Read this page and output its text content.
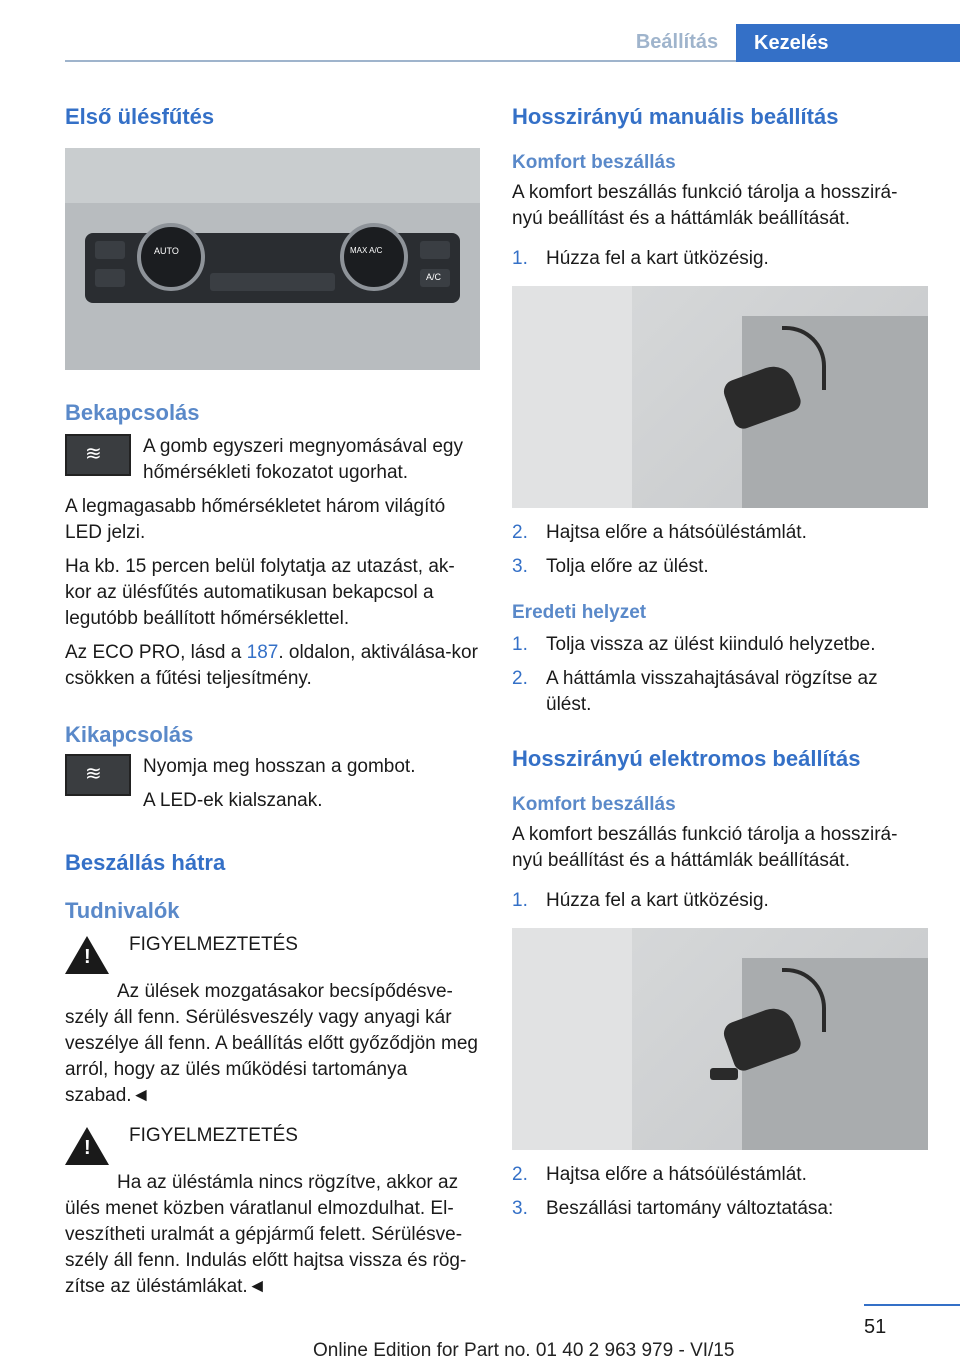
Beállítás	Kezelés
Első ülésfűtés
AUTO	MAX A/C
A/C
Bekapcsolás
≋ A gomb egyszeri megnyomásával egy hőmérsékleti fokozatot ugorhat.

A legmagasabb hőmérsékletet három világító LED jelzi.

Ha kb. 15 percen belül folytatja az utazást, ak‐kor az ülésfűtés automatikusan bekapcsol a legutóbb beállított hőmérséklettel.

Az ECO PRO, lásd a 187. oldalon, aktiválása‐kor csökken a fűtési teljesítmény.

Kikapcsolás
≋ Nyomja meg hosszan a gombot.

A LED-ek kialszanak.

Beszállás hátra
Tudnivalók
!

FIGYELMEZTETÉS

Az ülések mozgatásakor becsípődésve‐szély áll fenn. Sérülésveszély vagy anyagi kár veszélye áll fenn. A beállítás előtt győződjön meg arról, hogy az ülés működési tartománya szabad.◄

!

FIGYELMEZTETÉS

Ha az üléstámla nincs rögzítve, akkor az ülés menet közben váratlanul elmozdulhat. El‐veszítheti uralmát a gépjármű felett. Sérülésve‐szély áll fenn. Indulás előtt hajtsa vissza és rög‐zítse az üléstámlákat.◄

Hosszirányú manuális beállítás
Komfort beszállás

A komfort beszállás funkció tárolja a hosszirá‐nyú beállítást és a háttámlák beállítását.

1. Húzza fel a kart ütközésig.
2. Hajtsa előre a hátsóüléstámlát.
3. Tolja előre az ülést.
Eredeti helyzet
1. Tolja vissza az ülést kiinduló helyzetbe.
2. A háttámla visszahajtásával rögzítse az ülést.
Hosszirányú elektromos beállítás
Komfort beszállás

A komfort beszállás funkció tárolja a hosszirá‐nyú beállítást és a háttámlák beállítását.

1. Húzza fel a kart ütközésig.
2. Hajtsa előre a hátsóüléstámlát.
3. Beszállási tartomány változtatása:
51
Online Edition for Part no. 01 40 2 963 979 - VI/15
